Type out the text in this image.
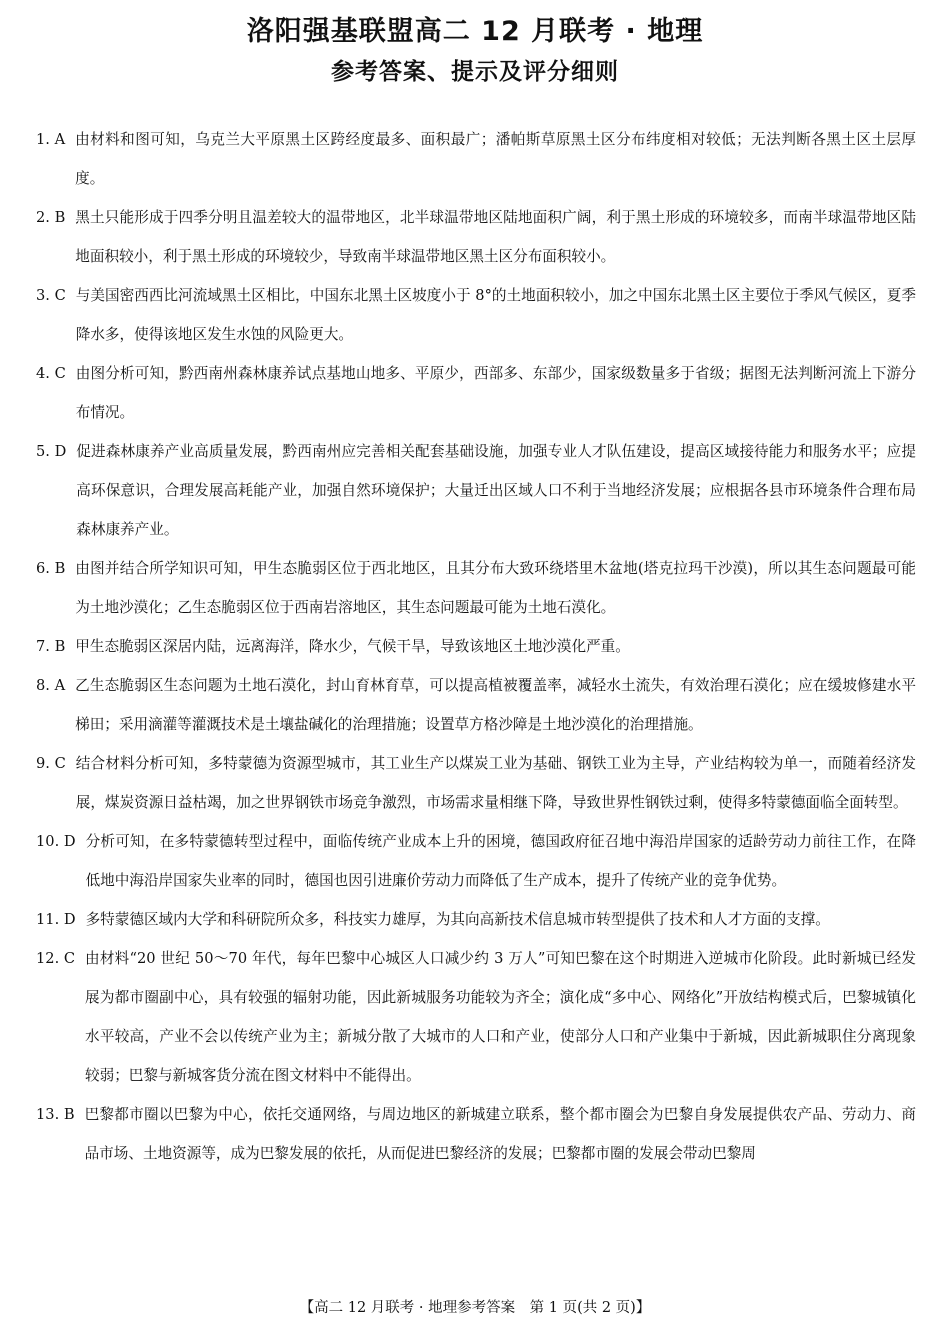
洛阳强基联盟高二 12 月联考 · 地理
参考答案、提示及评分细则
1. A 由材料和图可知，乌克兰大平原黑土区跨经度最多、面积最广；潘帕斯草原黑土区分布纬度相对较低；无法判断各黑土区土层厚度。
2. B 黑土只能形成于四季分明且温差较大的温带地区，北半球温带地区陆地面积广阔，利于黑土形成的环境较多，而南半球温带地区陆地面积较小，利于黑土形成的环境较少，导致南半球温带地区黑土区分布面积较小。
3. C 与美国密西西比河流域黑土区相比，中国东北黑土区坡度小于 8°的土地面积较小，加之中国东北黑土区主要位于季风气候区，夏季降水多，使得该地区发生水蚀的风险更大。
4. C 由图分析可知，黔西南州森林康养试点基地山地多、平原少，西部多、东部少，国家级数量多于省级；据图无法判断河流上下游分布情况。
5. D 促进森林康养产业高质量发展，黔西南州应完善相关配套基础设施，加强专业人才队伍建设，提高区域接待能力和服务水平；应提高环保意识，合理发展高耗能产业，加强自然环境保护；大量迁出区域人口不利于当地经济发展；应根据各县市环境条件合理布局森林康养产业。
6. B 由图并结合所学知识可知，甲生态脆弱区位于西北地区，且其分布大致环绕塔里木盆地(塔克拉玛干沙漠)，所以其生态问题最可能为土地沙漠化；乙生态脆弱区位于西南岩溶地区，其生态问题最可能为土地石漠化。
7. B 甲生态脆弱区深居内陆，远离海洋，降水少，气候干旱，导致该地区土地沙漠化严重。
8. A 乙生态脆弱区生态问题为土地石漠化，封山育林育草，可以提高植被覆盖率，减轻水土流失，有效治理石漠化；应在缓坡修建水平梯田；采用滴灌等灌溉技术是土壤盐碱化的治理措施；设置草方格沙障是土地沙漠化的治理措施。
9. C 结合材料分析可知，多特蒙德为资源型城市，其工业生产以煤炭工业为基础、钢铁工业为主导，产业结构较为单一，而随着经济发展，煤炭资源日益枯竭，加之世界钢铁市场竞争激烈，市场需求量相继下降，导致世界性钢铁过剩，使得多特蒙德面临全面转型。
10. D 分析可知，在多特蒙德转型过程中，面临传统产业成本上升的困境，德国政府征召地中海沿岸国家的适龄劳动力前往工作，在降低地中海沿岸国家失业率的同时，德国也因引进廉价劳动力而降低了生产成本，提升了传统产业的竞争优势。
11. D 多特蒙德区域内大学和科研院所众多，科技实力雄厚，为其向高新技术信息城市转型提供了技术和人才方面的支撑。
12. C 由材料“20 世纪 50～70 年代，每年巴黎中心城区人口减少约 3 万人”可知巴黎在这个时期进入逆城市化阶段。此时新城已经发展为都市圈副中心，具有较强的辐射功能，因此新城服务功能较为齐全；演化成“多中心、网络化”开放结构模式后，巴黎城镇化水平较高，产业不会以传统产业为主；新城分散了大城市的人口和产业，使部分人口和产业集中于新城，因此新城职住分离现象较弱；巴黎与新城客货分流在图文材料中不能得出。
13. B 巴黎都市圈以巴黎为中心，依托交通网络，与周边地区的新城建立联系，整个都市圈会为巴黎自身发展提供农产品、劳动力、商品市场、土地资源等，成为巴黎发展的依托，从而促进巴黎经济的发展；巴黎都市圈的发展会带动巴黎周
【高二 12 月联考 · 地理参考答案　第 1 页(共 2 页)】
